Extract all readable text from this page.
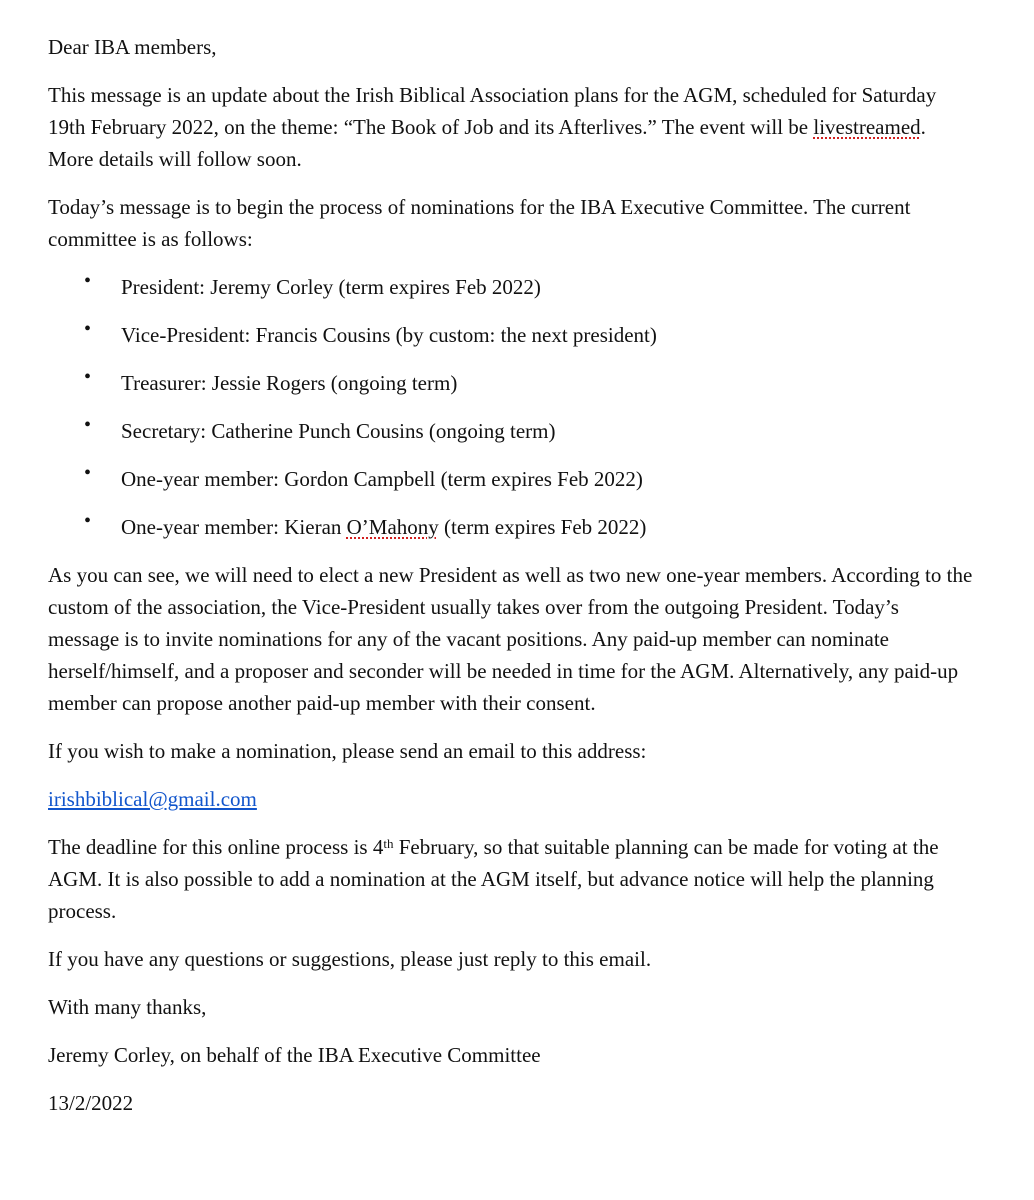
Dear IBA members,

This message is an update about the Irish Biblical Association plans for the AGM, scheduled for Saturday 19th February 2022, on the theme: “The Book of Job and its Afterlives.” The event will be livestreamed. More details will follow soon.

Today’s message is to begin the process of nominations for the IBA Executive Committee. The current committee is as follows:

• President: Jeremy Corley (term expires Feb 2022)
• Vice-President: Francis Cousins (by custom: the next president)
• Treasurer: Jessie Rogers (ongoing term)
• Secretary: Catherine Punch Cousins (ongoing term)
• One-year member: Gordon Campbell (term expires Feb 2022)
• One-year member: Kieran O’Mahony (term expires Feb 2022)

As you can see, we will need to elect a new President as well as two new one-year members. According to the custom of the association, the Vice-President usually takes over from the outgoing President. Today’s message is to invite nominations for any of the vacant positions. Any paid-up member can nominate herself/himself, and a proposer and seconder will be needed in time for the AGM. Alternatively, any paid-up member can propose another paid-up member with their consent.

If you wish to make a nomination, please send an email to this address:

irishbiblical@gmail.com

The deadline for this online process is 4th February, so that suitable planning can be made for voting at the AGM. It is also possible to add a nomination at the AGM itself, but advance notice will help the planning process.

If you have any questions or suggestions, please just reply to this email.

With many thanks,

Jeremy Corley, on behalf of the IBA Executive Committee

13/2/2022
